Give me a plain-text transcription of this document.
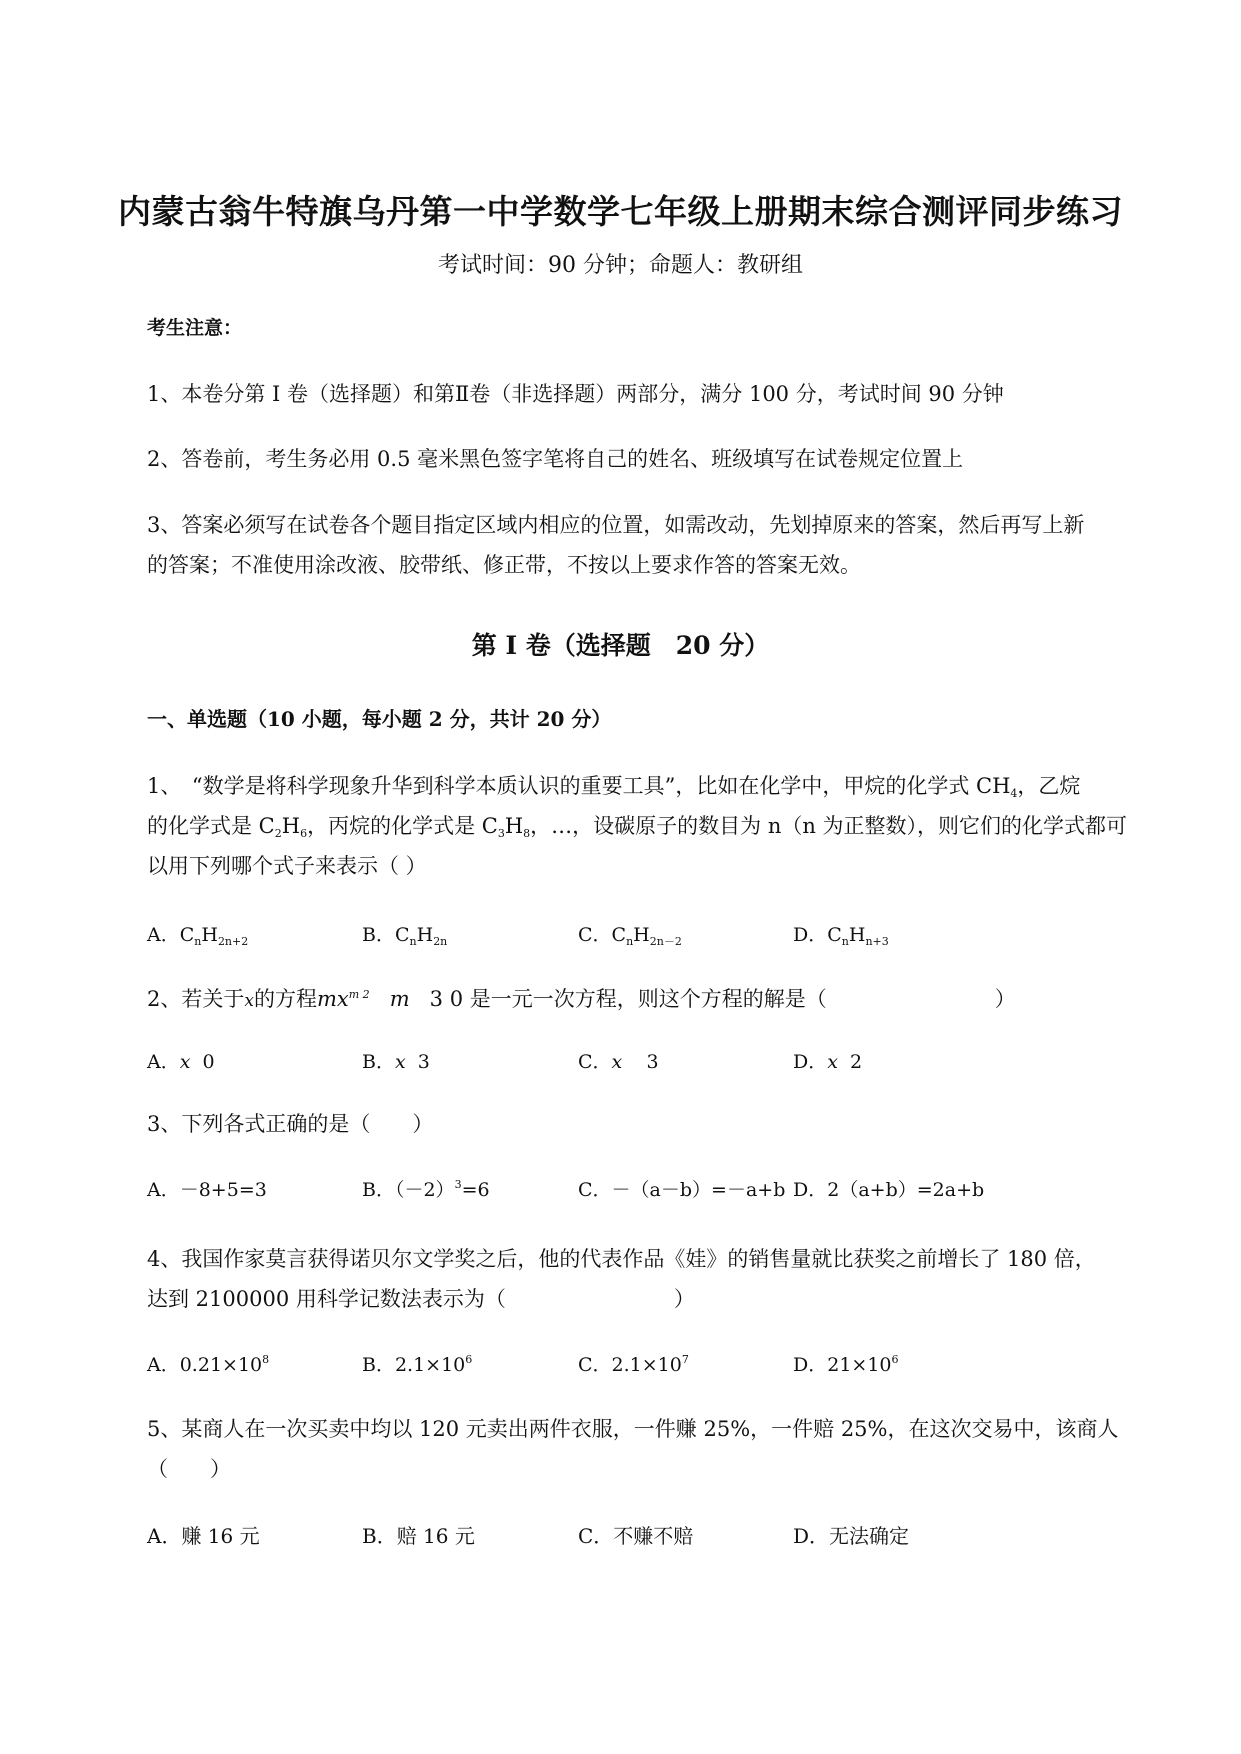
内蒙古翁牛特旗乌丹第一中学数学七年级上册期末综合测评同步练习
考试时间：90 分钟；命题人：教研组
考生注意：
1、本卷分第 I 卷（选择题）和第Ⅱ卷（非选择题）两部分，满分 100 分，考试时间 90 分钟
2、答卷前，考生务必用 0.5 毫米黑色签字笔将自己的姓名、班级填写在试卷规定位置上
3、答案必须写在试卷各个题目指定区域内相应的位置，如需改动，先划掉原来的答案，然后再写上新
的答案；不准使用涂改液、胶带纸、修正带，不按以上要求作答的答案无效。
第 I 卷（选择题　20 分）
一、单选题（10 小题，每小题 2 分，共计 20 分）
1、　“数学是将科学现象升华到科学本质认识的重要工具”，比如在化学中，甲烷的化学式 $CH_4$，乙烷
的化学式是 $C_2H_6$，丙烷的化学式是 $C_3H_8$，…，设碳原子的数目为 n（n 为正整数），则它们的化学式都可
以用下列哪个式子来表示（ ）
A．$C_nH_{2n+2}$	B．$C_nH_{2n}$	C．$C_nH_{2n-2}$	D．$C_nH_{n+3}$
2、若关于x的方程$mx^{m 2}$ m 3 0 是一元一次方程，则这个方程的解是（　　　　　　　　）
A．x 0	B．x 3	C．x 3	D．x 2
3、下列各式正确的是（　　）
A．－8+5=3	B．$(-2)^3=6$	C．－（a－b）=－a+b D．2（a+b）=2a+b
4、我国作家莫言获得诺贝尔文学奖之后，他的代表作品《娃》的销售量就比获奖之前增长了 180 倍，
达到 2100000 用科学记数法表示为（　　　　　　　　）
A．$0.21\times 10^8$	B．$2.1\times 10^6$	C．$2.1\times 10^7$	D．$21\times 10^6$
5、某商人在一次买卖中均以 120 元卖出两件衣服，一件赚 25%，一件赔 25%，在这次交易中，该商人
（　　）
A．赚 16 元	B．赔 16 元	C．不赚不赔	D．无法确定
